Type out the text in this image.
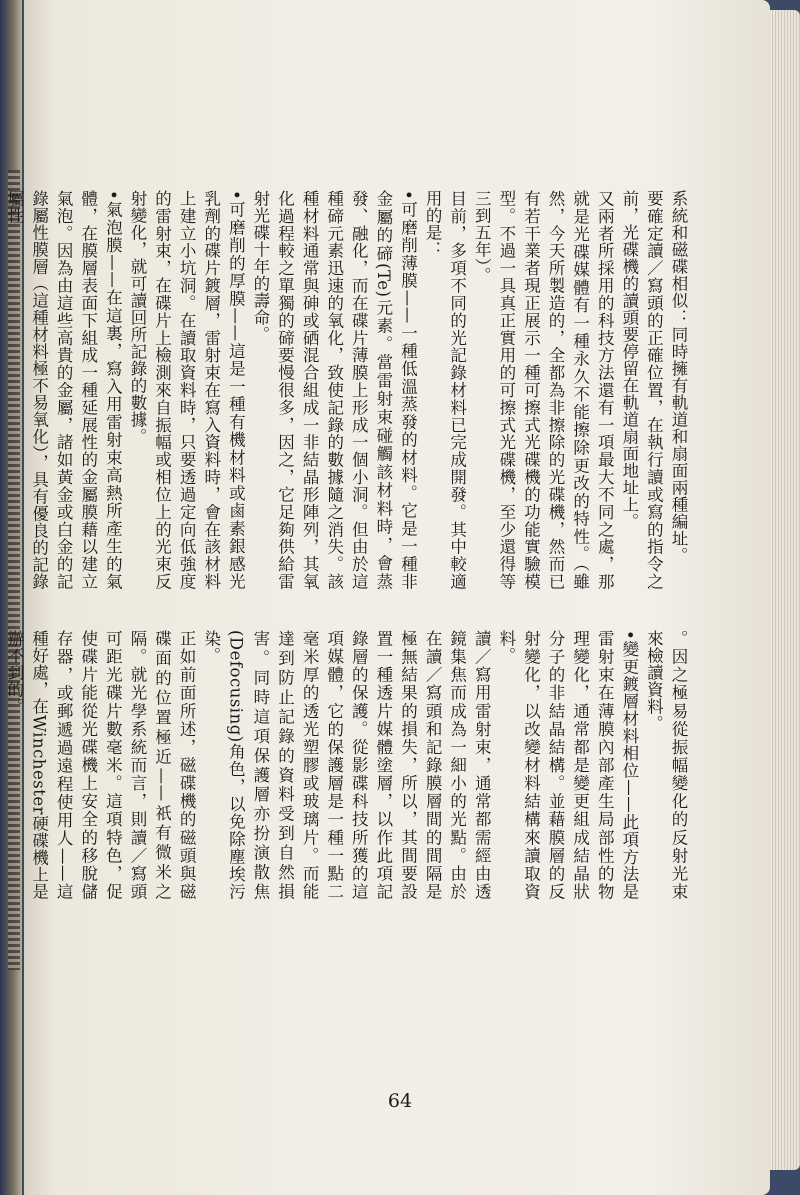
系統和磁碟相似：同時擁有軌道和扇面兩種編址。

要確定讀／寫頭的正確位置，在執行讀或寫的指令之前，光碟機的讀頭要停留在軌道扇面地址上。

又兩者所採用的科技方法還有一項最大不同之處，那就是光碟媒體有一種永久不能擦除更改的特性。（雖然，今天所製造的，全都為非擦除的光碟機，然而已有若干業者現正展示一種可擦式光碟機的功能實驗模型。不過一具真正實用的可擦式光碟機，至少還得等三到五年）。

目前，多項不同的光記錄材料已完成開發。其中較適用的是：

•可磨削薄膜——一種低溫蒸發的材料。它是一種非金屬的碲(Te)元素。當雷射束碰觸該材料時，會蒸發、融化，而在碟片薄膜上形成一個小洞。但由於這種碲元素迅速的氧化，致使記錄的數據隨之消失。該種材料通常與砷或硒混合組成一非結晶形陣列，其氧化過程較之單獨的碲要慢很多，因之，它足夠供給雷射光碟十年的壽命。

•可磨削的厚膜——這是一種有機材料或鹵素銀感光乳劑的碟片鍍層，雷射束在寫入資料時，會在該材料上建立小坑洞。在讀取資料時，只要透過定向低強度的雷射束，在碟片上檢測來自振幅或相位上的光束反射變化，就可讀回所記錄的數據。

•氣泡膜——在這裏，寫入用雷射束高熱所產生的氣體，在膜層表面下組成一種延展性的金屬膜藉以建立氣泡。因為由這些高貴的金屬，諸如黃金或白金的記錄屬性膜層（這種材料極不易氧化），具有優良的記錄屬性

。因之極易從振幅變化的反射光束來檢讀資料。

•變更鍍層材料相位——此項方法是雷射束在薄膜內部產生局部性的物理變化，通常都是變更組成結晶狀分子的非結晶結構。並藉膜層的反射變化，以改變材料結構來讀取資料。

讀／寫用雷射束，通常都需經由透鏡集焦而成為一細小的光點。由於在讀／寫頭和記錄膜層間的間隔是極無結果的損失，所以，其間要設置一種透片媒體塗層，以作此項記錄層的保護。從影碟科技所獲的這項媒體，它的保護層是一種一點二毫米厚的透光塑膠或玻璃片。而能達到防止記錄的資料受到自然損害。同時這項保護層亦扮演散焦(Defocusing)角色，以免除塵埃污染。

正如前面所述，磁碟機的磁頭與磁碟面的位置極近——祇有微米之隔。就光學系統而言，則讀／寫頭可距光碟片數毫米。這項特色，促使碟片能從光碟機上安全的移脫儲存器，或郵遞過遠程使用人——這種好處，在Winchester硬碟機上是辦不到的。

64
